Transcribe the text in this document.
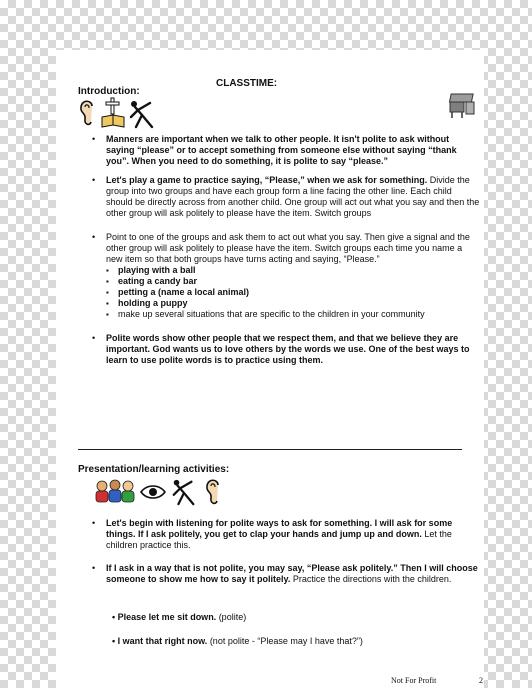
CLASSTIME:
Introduction:
• Manners are important when we talk to other people. It isn't polite to ask without saying “please” or to accept something from someone else without saying “thank you”. When you need to do something, it is polite to say “please.”
• Let's play a game to practice saying, “Please,” when we ask for something. Divide the group into two groups and have each group form a line facing the other line. Each child should be directly across from another child. One group will act out what you say and then the other group will ask politely to please have the item. Switch groups
• Point to one of the groups and ask them to act out what you say. Then give a signal and the other group will ask politely to please have the item. Switch groups each time you name a new item so that both groups have turns acting and saying, “Please.”
▪ playing with a ball
▪ eating a candy bar
▪ petting a (name a local animal)
▪ holding a puppy
▪ make up several situations that are specific to the children in your community
• Polite words show other people that we respect them, and that we believe they are important. God wants us to love others by the words we use. One of the best ways to learn to use polite words is to practice using them.
Presentation/learning activities:
• Let's begin with listening for polite ways to ask for something. I will ask for some things. If I ask politely, you get to clap your hands and jump up and down. Let the children practice this.
• If I ask in a way that is not polite, you may say, “Please ask politely.” Then I will choose someone to show me how to say it politely. Practice the directions with the children.
• Please let me sit down. (polite)
• I want that right now. (not polite - “Please may I have that?”)
Not For Profit	2
